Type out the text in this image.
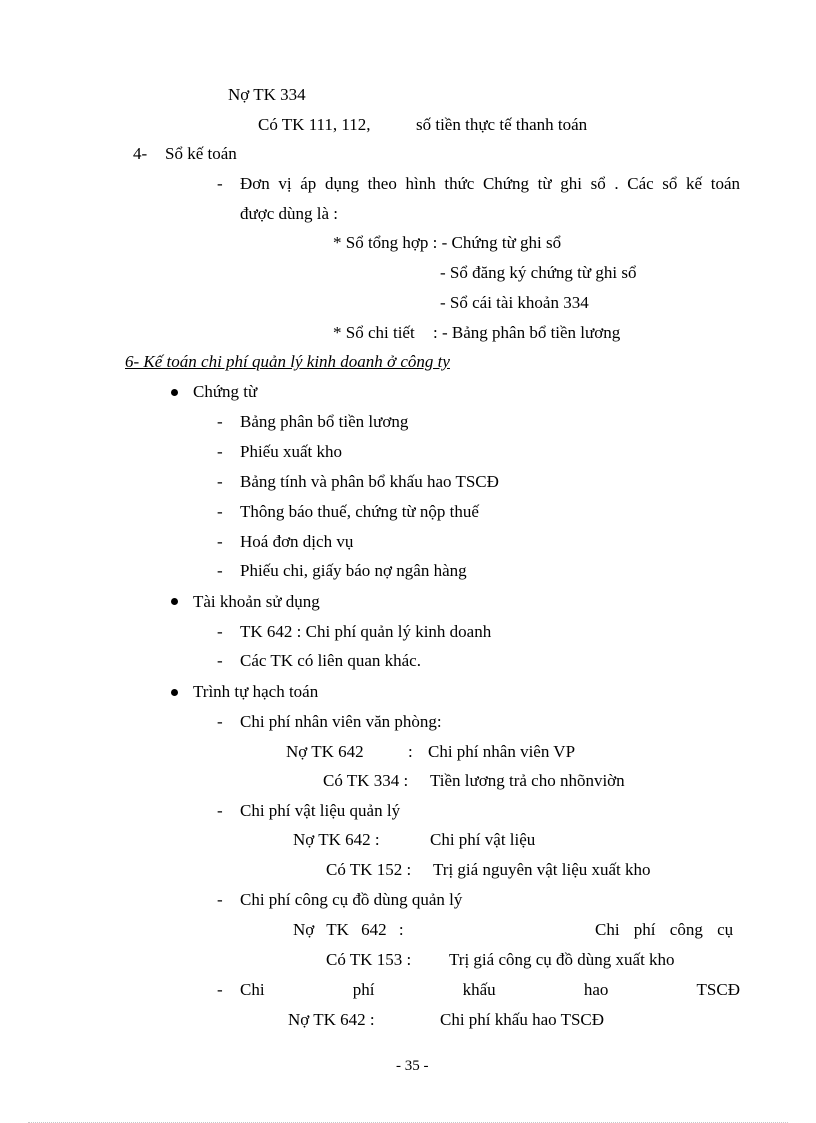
Nợ TK 334
Có TK 111, 112,	số tiền thực tế thanh toán
4- Sổ kế toán
- Đơn vị áp dụng theo hình thức Chứng từ ghi sổ . Các sổ kế toán
được dùng là :
* Sổ tổng hợp : - Chứng từ ghi sổ
- Sổ đăng ký chứng từ ghi sổ
- Sổ cái tài khoản 334
* Sổ chi tiết : - Bảng phân bổ tiền lương
6- Kế toán chi phí quản lý kinh doanh ở công ty
Chứng từ
- Bảng phân bổ tiền lương
- Phiếu xuất kho
- Bảng tính và phân bổ khấu hao TSCĐ
- Thông báo thuế, chứng từ nộp thuế
- Hoá đơn dịch vụ
- Phiếu chi, giấy báo nợ ngân hàng
Tài khoản sử dụng
- TK 642 : Chi phí quản lý kinh doanh
- Các TK có liên quan khác.
Trình tự hạch toán
- Chi phí nhân viên văn phòng:
Nợ TK 642	: Chi phí nhân viên VP
Có TK 334 : Tiền lương trả cho nhõnviờn
- Chi phí vật liệu quản lý
Nợ TK 642 :	Chi phí vật liệu
Có TK 152 : Trị giá nguyên vật liệu xuất kho
- Chi phí công cụ đồ dùng quản lý
Nợ TK 642 :	Chi phí công cụ
Có TK 153 : Trị giá công cụ đồ dùng xuất kho
- Chi	phí	khấu	hao	TSCĐ
Nợ TK 642 :	Chi phí khấu hao TSCĐ
- 35 -
